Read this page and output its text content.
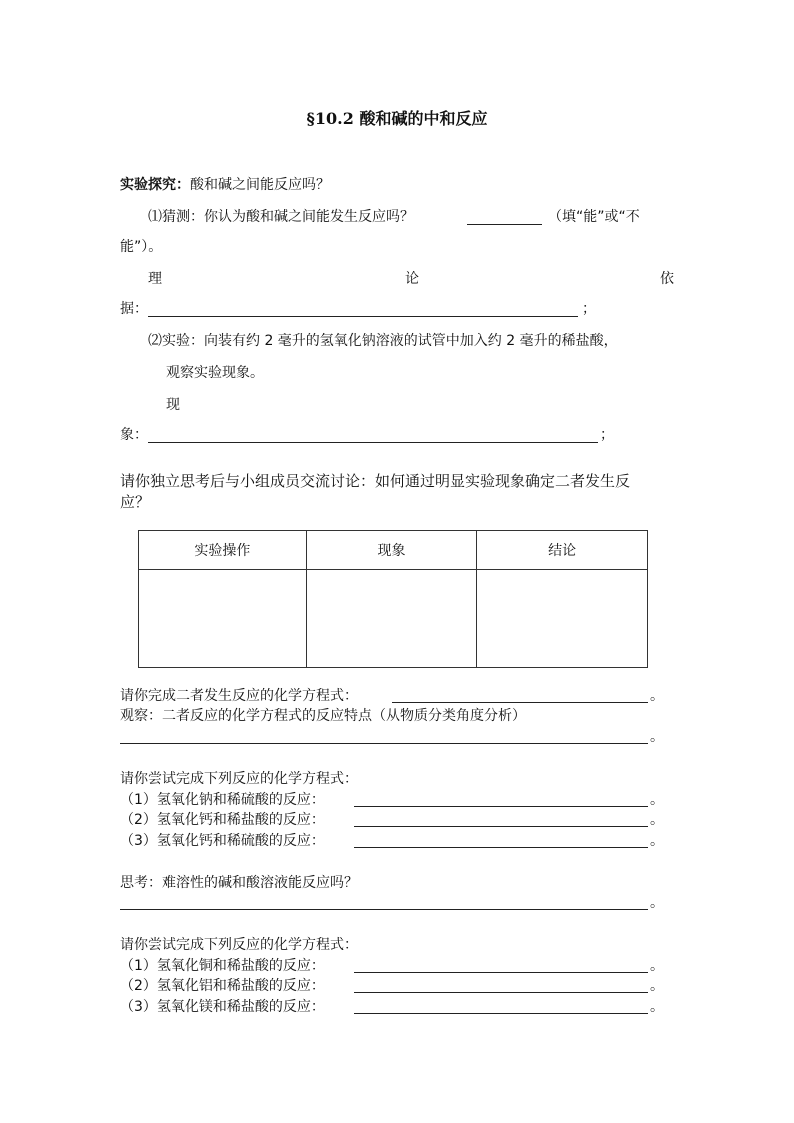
§10.2 酸和碱的中和反应
实验探究：酸和碱之间能反应吗？
⑴猜测：你认为酸和碱之间能发生反应吗？	（填“能”或“不
能”）。
理	论	依
据：	；
⑵实验：向装有约 2 毫升的氢氧化钠溶液的试管中加入约 2 毫升的稀盐酸，
观察实验现象。
现
象：	；
请你独立思考后与小组成员交流讨论：如何通过明显实验现象确定二者发生反
应？
实验操作	现象	结论

请你完成二者发生反应的化学方程式：	。
观察：二者反应的化学方程式的反应特点（从物质分类角度分析）
。
请你尝试完成下列反应的化学方程式：
（1）氢氧化钠和稀硫酸的反应：	。
（2）氢氧化钙和稀盐酸的反应：	。
（3）氢氧化钙和稀硫酸的反应：	。
思考：难溶性的碱和酸溶液能反应吗？
。
请你尝试完成下列反应的化学方程式：
（1）氢氧化铜和稀盐酸的反应：	。
（2）氢氧化铝和稀盐酸的反应：	。
（3）氢氧化镁和稀盐酸的反应：	。
